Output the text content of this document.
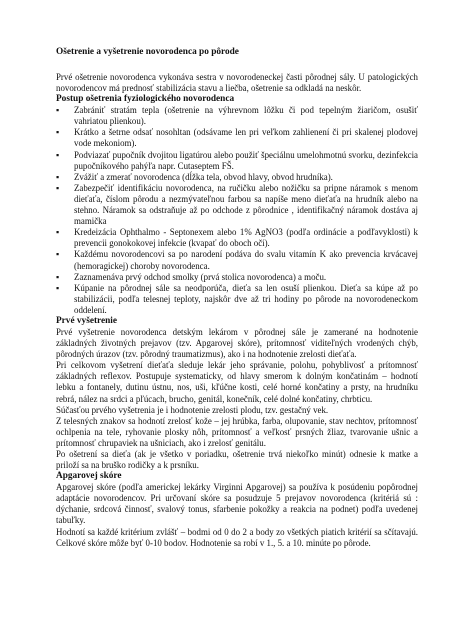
Ošetrenie a vyšetrenie novorodenca po pôrode

Prvé ošetrenie novorodenca vykonáva sestra v novorodeneckej časti pôrodnej sály. U patologických novorodencov má prednosť stabilizácia stavu a liečba, ošetrenie sa odkladá na neskôr.

Postup ošetrenia fyziologického novorodenca
▪	Zabrániť stratám tepla (ošetrenie na výhrevnom lôžku či pod tepelným žiaričom, osušiť vahriatou plienkou).
▪	Krátko a šetrne odsať nosohltan (odsávame len pri veľkom zahlienení či pri skalenej plodovej vode mekoniom).
▪	Podviazať pupočník dvojitou ligatúrou alebo použiť špeciálnu umelohmotnú svorku, dezinfekcia pupočníkového pahýľa napr. Cutaseptem FŠ.
▪	Zvážiť a zmerať novorodenca (dĺžka tela, obvod hlavy, obvod hrudníka).
▪	Zabezpečiť identifikáciu novorodenca, na ručičku alebo nožičku sa pripne náramok s menom dieťaťa, číslom pôrodu a nezmývateľnou farbou sa napíše meno dieťaťa na hrudník alebo na stehno. Náramok sa odstraňuje až po odchode z pôrodnice , identifikačný náramok dostáva aj mamička
▪	Kredeizácia Ophthalmo - Septonexem alebo 1% AgNO3 (podľa ordinácie a podľavyklosti) k prevencii gonokokovej infekcie (kvapať do oboch očí).
▪	Každému novorodencovi sa po narodení podáva do svalu vitamín K ako prevencia krvácavej (hemoragickej) choroby novorodenca.
▪	Zaznamenáva prvý odchod smolky (prvá stolica novorodenca) a moču.
▪	Kúpanie na pôrodnej sále sa neodporúča, dieťa sa len osuší plienkou. Dieťa sa kúpe až po stabilizácii, podľa telesnej teploty, najskôr dve až tri hodiny po pôrode na novorodeneckom oddelení.
Prvé vyšetrenie

Prvé vyšetrenie novorodenca detským lekárom v pôrodnej sále je zamerané na hodnotenie základných životných prejavov (tzv. Apgarovej skóre), prítomnosť viditeľných vrodených chýb, pôrodných úrazov (tzv. pôrodný traumatizmus), ako i na hodnotenie zrelosti dieťaťa.

Pri celkovom vyšetrení dieťaťa sleduje lekár jeho správanie, polohu, pohyblivosť a prítomnosť základných reflexov. Postupuje systematicky, od hlavy smerom k dolným končatinám – hodnotí lebku a fontanely, dutinu ústnu, nos, uši, kľúčne kosti, celé horné končatiny a prsty, na hrudníku rebrá, nález na srdci a pľúcach, brucho, genitál, konečník, celé dolné končatiny, chrbticu.

Súčasťou prvého vyšetrenia je i hodnotenie zrelosti plodu, tzv. gestačný vek.

Z telesných znakov sa hodnotí zrelosť kože – jej hrúbka, farba, olupovanie, stav nechtov, prítomnosť ochlpenia na tele, ryhovanie plosky nôh, prítomnosť a veľkosť prsných žliaz, tvarovanie ušnic a prítomnosť chrupaviek na ušniciach, ako i zrelosť genitálu.

Po ošetrení sa dieťa (ak je všetko v poriadku, ošetrenie trvá niekoľko minút) odnesie k matke a priloží sa na bruško rodičky a k prsníku.

Apgarovej skóre

Apgarovej skóre (podľa americkej lekárky Virginni Apgarovej) sa používa k posúdeniu popôrodnej adaptácie novorodencov. Pri určovaní skóre sa posudzuje 5 prejavov novorodenca (kritériá sú : dýchanie, srdcová činnosť, svalový tonus, sfarbenie pokožky a reakcia na podnet) podľa uvedenej tabuľky.

Hodnotí sa každé kritérium zvlášť – bodmi od 0 do 2 a body zo všetkých piatich kritérií sa sčítavajú. Celkové skóre môže byť 0-10 bodov. Hodnotenie sa robí v 1., 5. a 10. minúte po pôrode.
